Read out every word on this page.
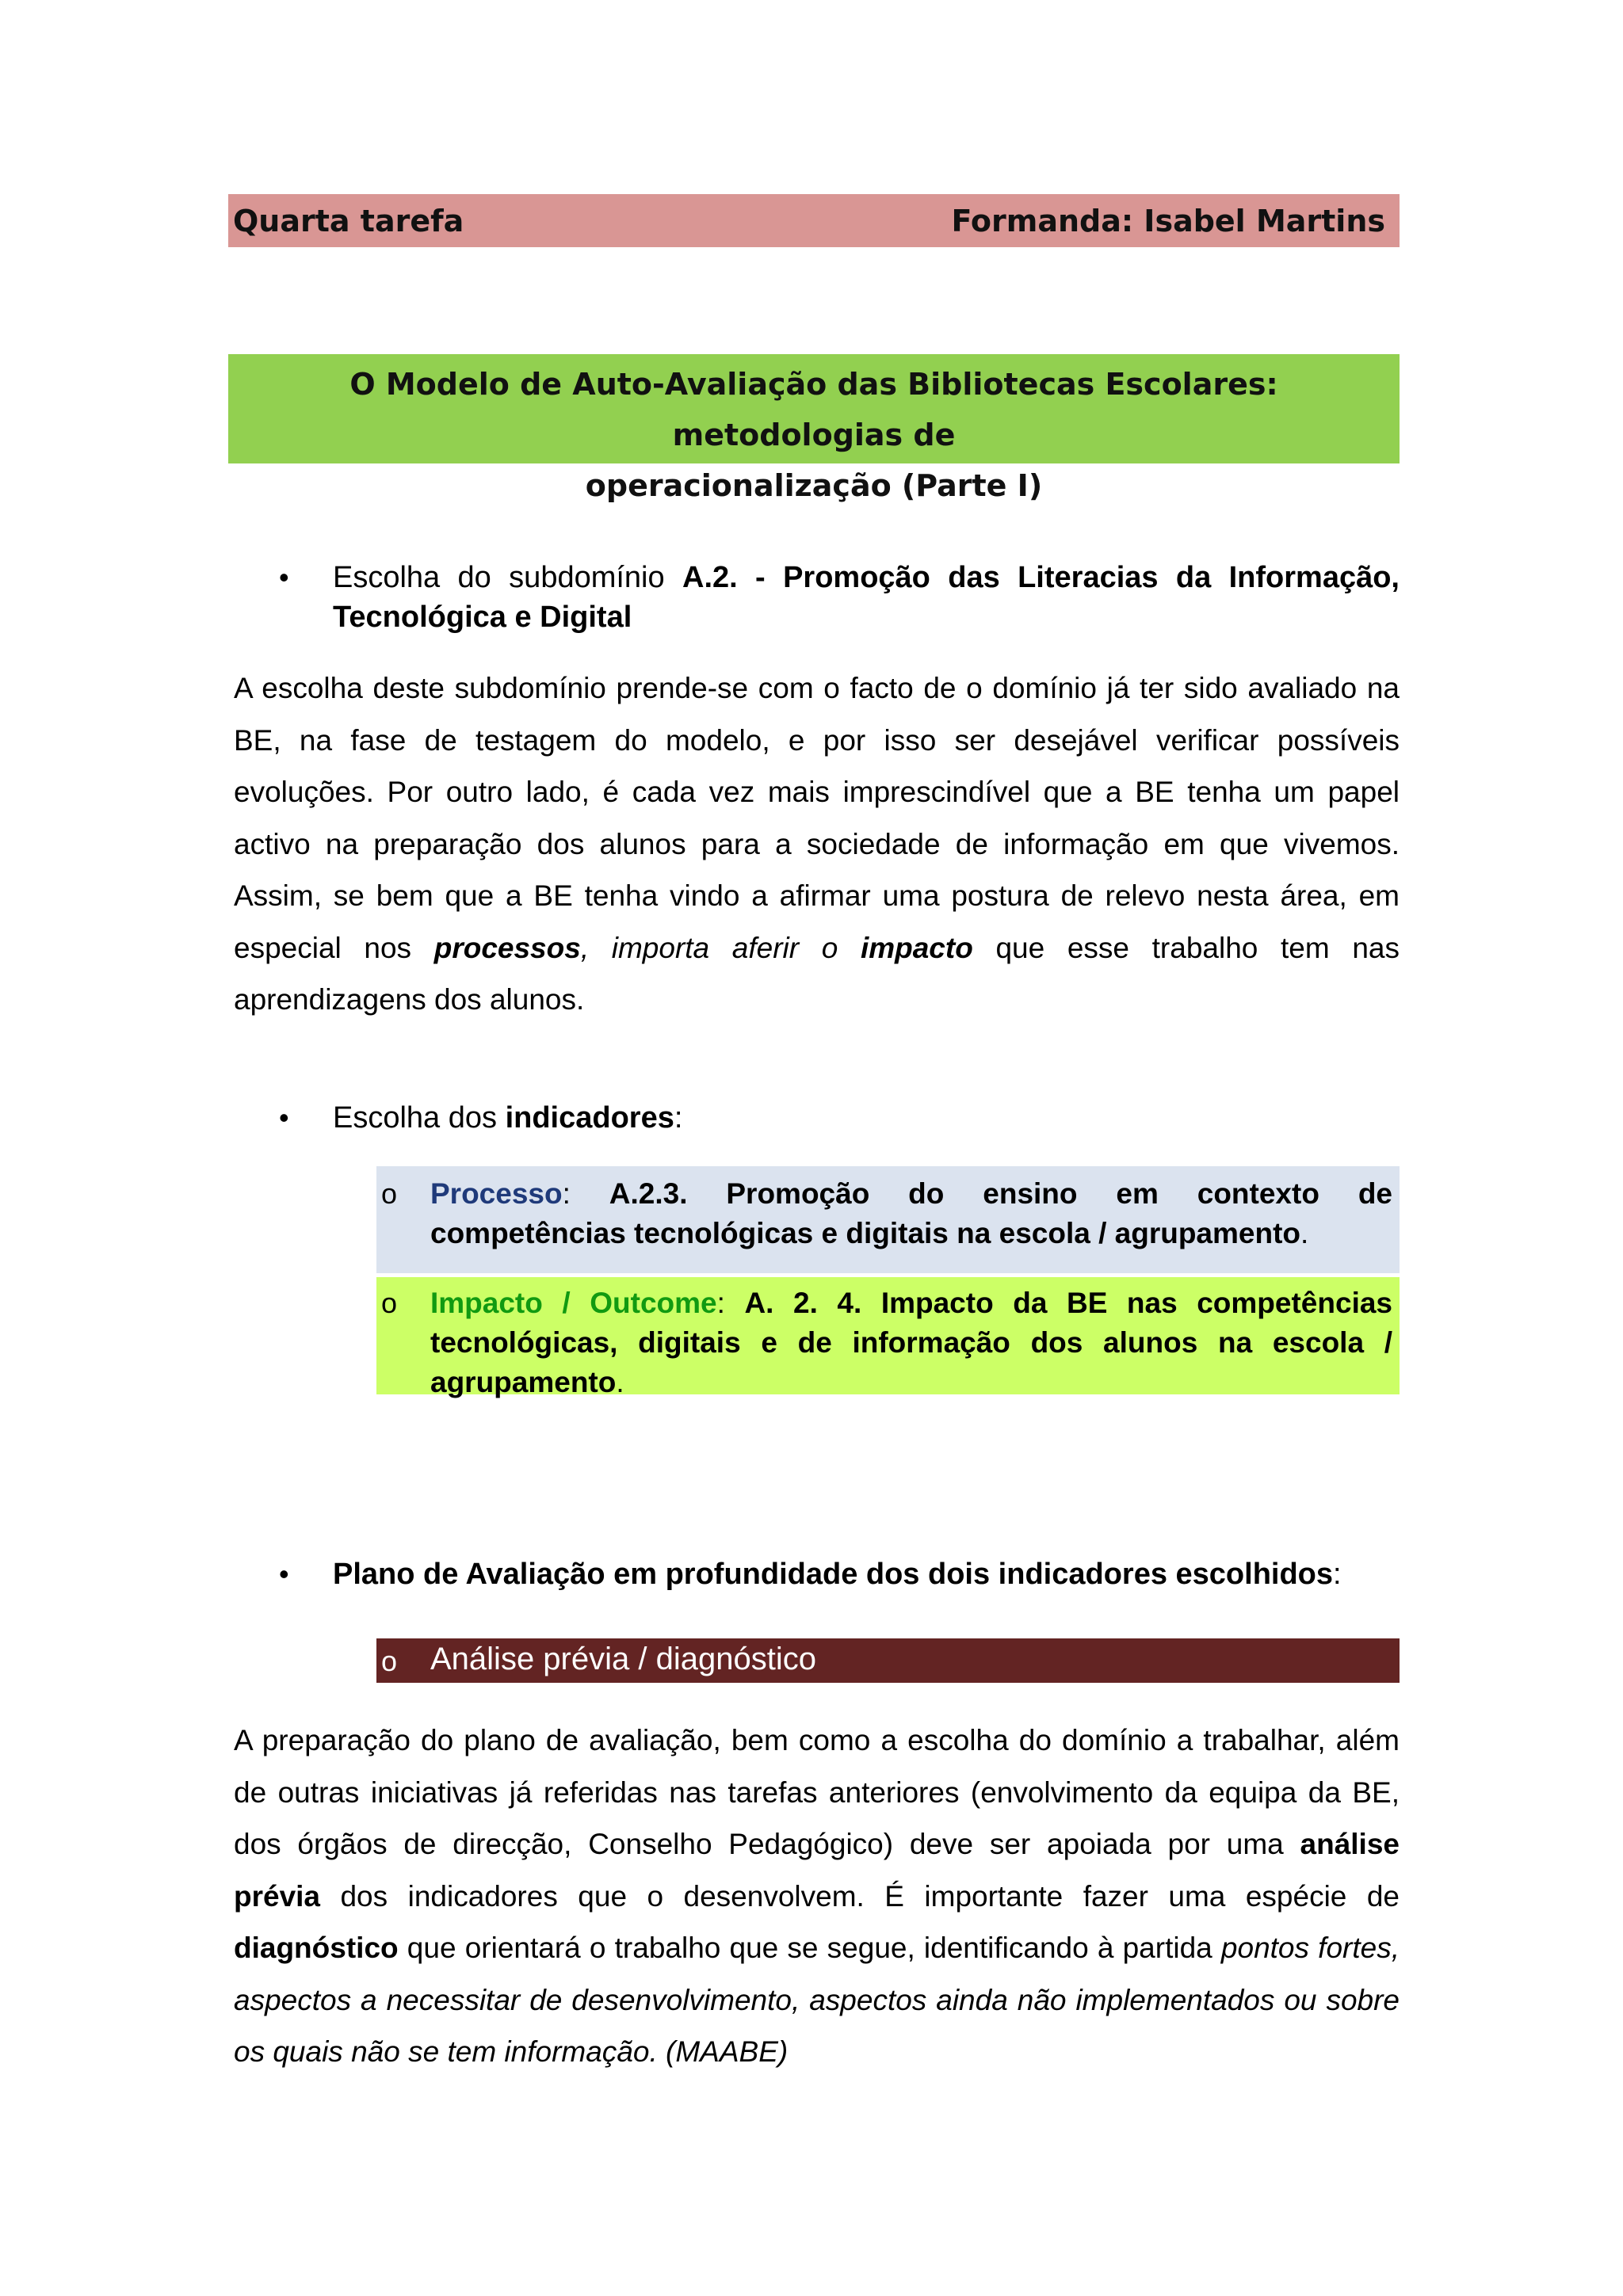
Quarta tarefa	Formanda: Isabel Martins
O Modelo de Auto-Avaliação das Bibliotecas Escolares: metodologias de
operacionalização (Parte I)
• Escolha do subdomínio A.2. - Promoção das Literacias da Informação,
Tecnológica e Digital
A escolha deste subdomínio prende-se com o facto de o domínio já ter sido avaliado na BE, na fase de testagem do modelo, e por isso ser desejável verificar possíveis evoluções. Por outro lado, é cada vez mais imprescindível que a BE tenha um papel activo na preparação dos alunos para a sociedade de informação em que vivemos. Assim, se bem que a BE tenha vindo a afirmar uma postura de relevo nesta área, em especial nos processos, importa aferir o impacto que esse trabalho tem nas aprendizagens dos alunos.
• Escolha dos indicadores:
o Processo: A.2.3. Promoção do ensino em contexto de
competências tecnológicas e digitais na escola / agrupamento.
o Impacto / Outcome: A. 2. 4. Impacto da BE nas competências tecnológicas, digitais e de informação dos alunos na escola / agrupamento.
• Plano de Avaliação em profundidade dos dois indicadores escolhidos:
o Análise prévia / diagnóstico
A preparação do plano de avaliação, bem como a escolha do domínio a trabalhar, além de outras iniciativas já referidas nas tarefas anteriores (envolvimento da equipa da BE, dos órgãos de direcção, Conselho Pedagógico) deve ser apoiada por uma análise prévia dos indicadores que o desenvolvem. É importante fazer uma espécie de diagnóstico que orientará o trabalho que se segue, identificando à partida pontos fortes, aspectos a necessitar de desenvolvimento, aspectos ainda não implementados ou sobre os quais não se tem informação. (MAABE)
